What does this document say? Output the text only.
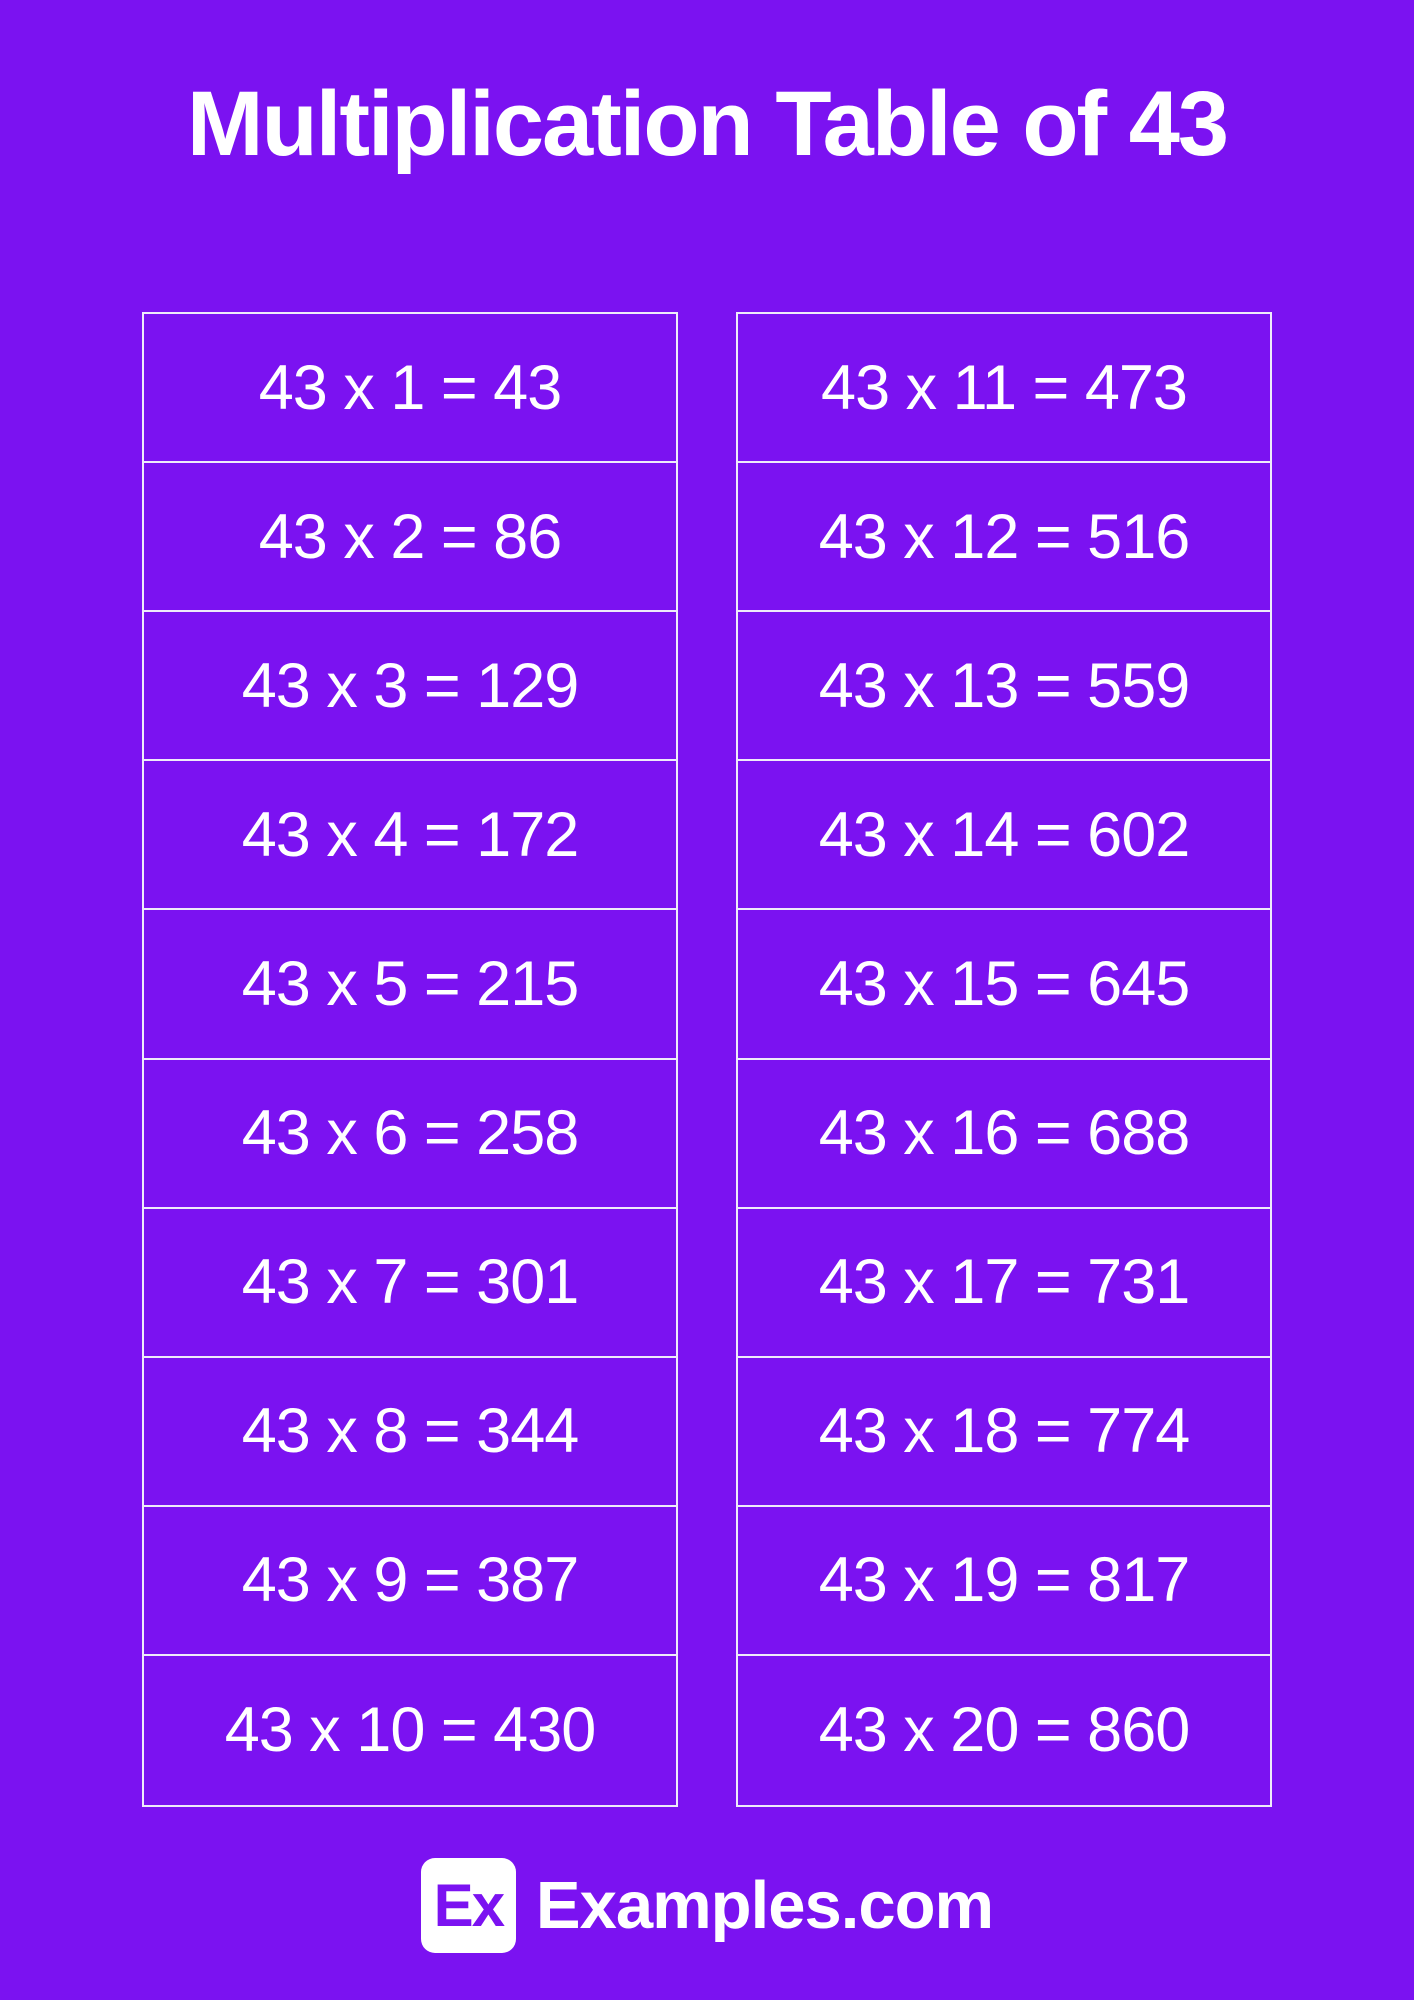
Multiplication Table of 43
43 x 1 = 43
43 x 2 = 86
43 x 3 = 129
43 x 4 = 172
43 x 5 = 215
43 x 6 = 258
43 x 7 = 301
43 x 8 = 344
43 x 9 = 387
43 x 10 = 430
43 x 11 = 473
43 x 12 = 516
43 x 13 = 559
43 x 14 = 602
43 x 15 = 645
43 x 16 = 688
43 x 17 = 731
43 x 18 = 774
43 x 19 = 817
43 x 20 = 860
Ex Examples.com
